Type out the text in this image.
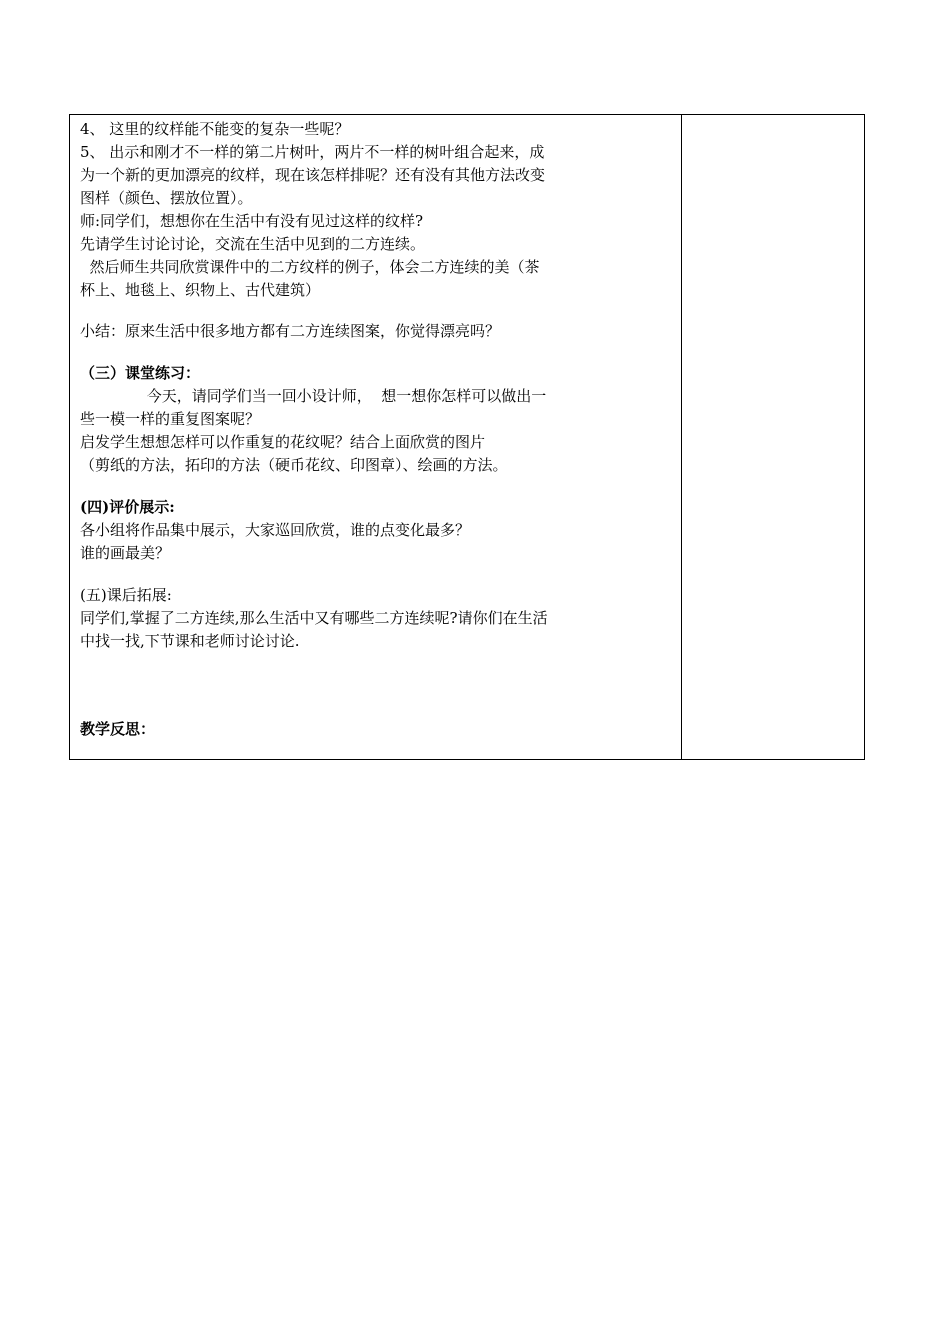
4、 这里的纹样能不能变的复杂一些呢？
5、 出示和刚才不一样的第二片树叶，两片不一样的树叶组合起来，成
为一个新的更加漂亮的纹样，现在该怎样排呢？还有没有其他方法改变
图样（颜色、摆放位置）。
师:同学们，想想你在生活中有没有见过这样的纹样?
先请学生讨论讨论，交流在生活中见到的二方连续。
然后师生共同欣赏课件中的二方纹样的例子，体会二方连续的美（茶
杯上、地毯上、织物上、古代建筑）
小结：原来生活中很多地方都有二方连续图案，你觉得漂亮吗？
（三）课堂练习：
今天，请同学们当一回小设计师，  想一想你怎样可以做出一
些一模一样的重复图案呢？
启发学生想想怎样可以作重复的花纹呢？结合上面欣赏的图片
（剪纸的方法，拓印的方法（硬币花纹、印图章）、绘画的方法。
(四)评价展示:
各小组将作品集中展示，大家巡回欣赏，谁的点变化最多？
谁的画最美？
(五)课后拓展:
同学们,掌握了二方连续,那么生活中又有哪些二方连续呢?请你们在生活
中找一找,下节课和老师讨论讨论.
教学反思：
